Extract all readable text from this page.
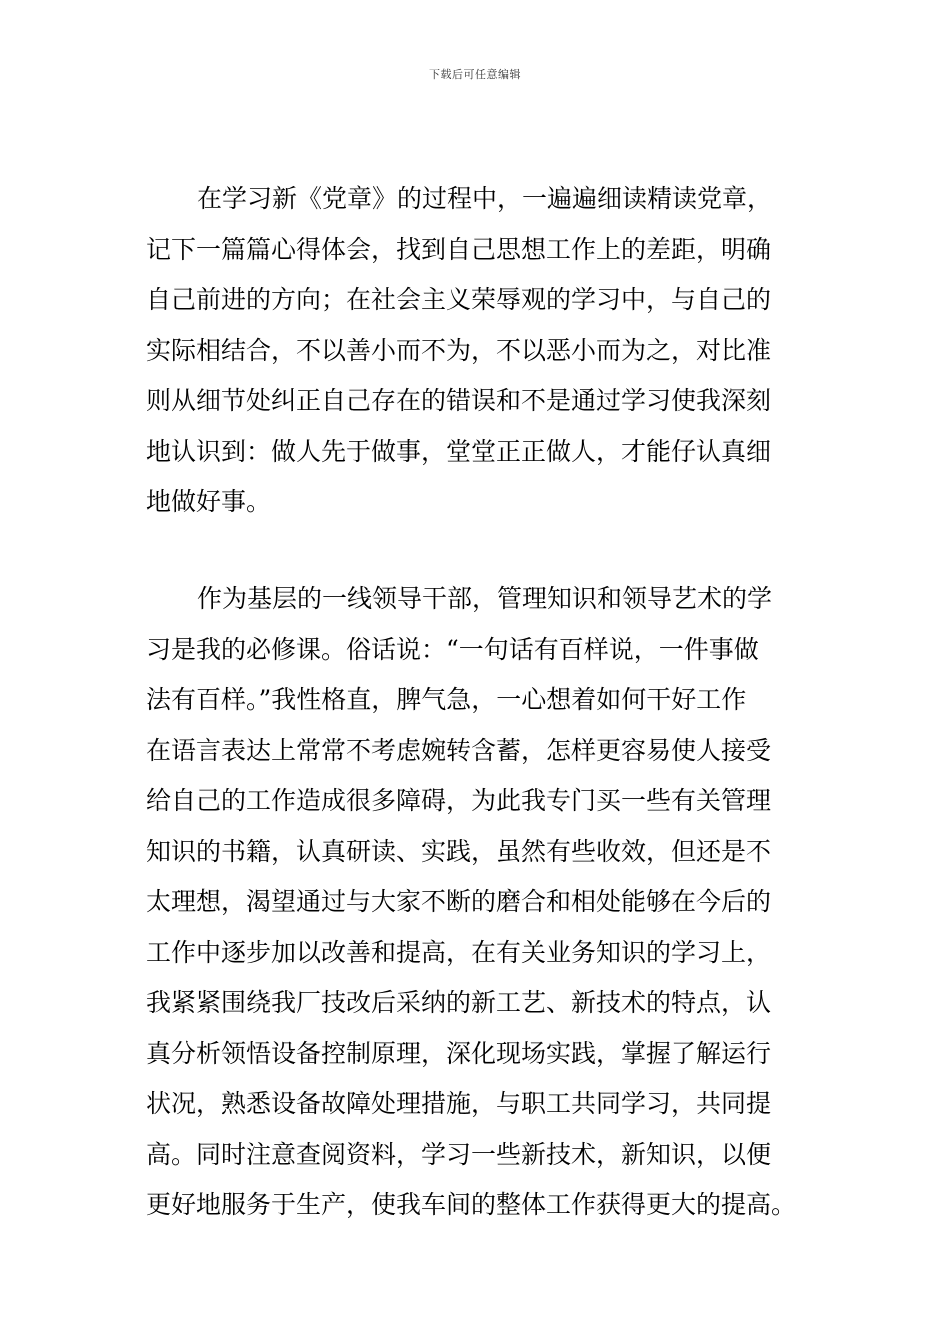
下载后可任意编辑
在学习新《党章》的过程中，一遍遍细读精读党章，
记下一篇篇心得体会，找到自己思想工作上的差距，明确
自己前进的方向；在社会主义荣辱观的学习中，与自己的
实际相结合，不以善小而不为，不以恶小而为之，对比准
则从细节处纠正自己存在的错误和不是通过学习使我深刻
地认识到：做人先于做事，堂堂正正做人，才能仔认真细
地做好事。
作为基层的一线领导干部，管理知识和领导艺术的学
习是我的必修课。俗话说：“一句话有百样说，一件事做
法有百样。”我性格直，脾气急，一心想着如何干好工作
在语言表达上常常不考虑婉转含蓄，怎样更容易使人接受
给自己的工作造成很多障碍，为此我专门买一些有关管理
知识的书籍，认真研读、实践，虽然有些收效，但还是不
太理想，渴望通过与大家不断的磨合和相处能够在今后的
工作中逐步加以改善和提高，在有关业务知识的学习上，
我紧紧围绕我厂技改后采纳的新工艺、新技术的特点，认
真分析领悟设备控制原理，深化现场实践，掌握了解运行
状况，熟悉设备故障处理措施，与职工共同学习，共同提
高。同时注意查阅资料，学习一些新技术，新知识，以便
更好地服务于生产，使我车间的整体工作获得更大的提高。
